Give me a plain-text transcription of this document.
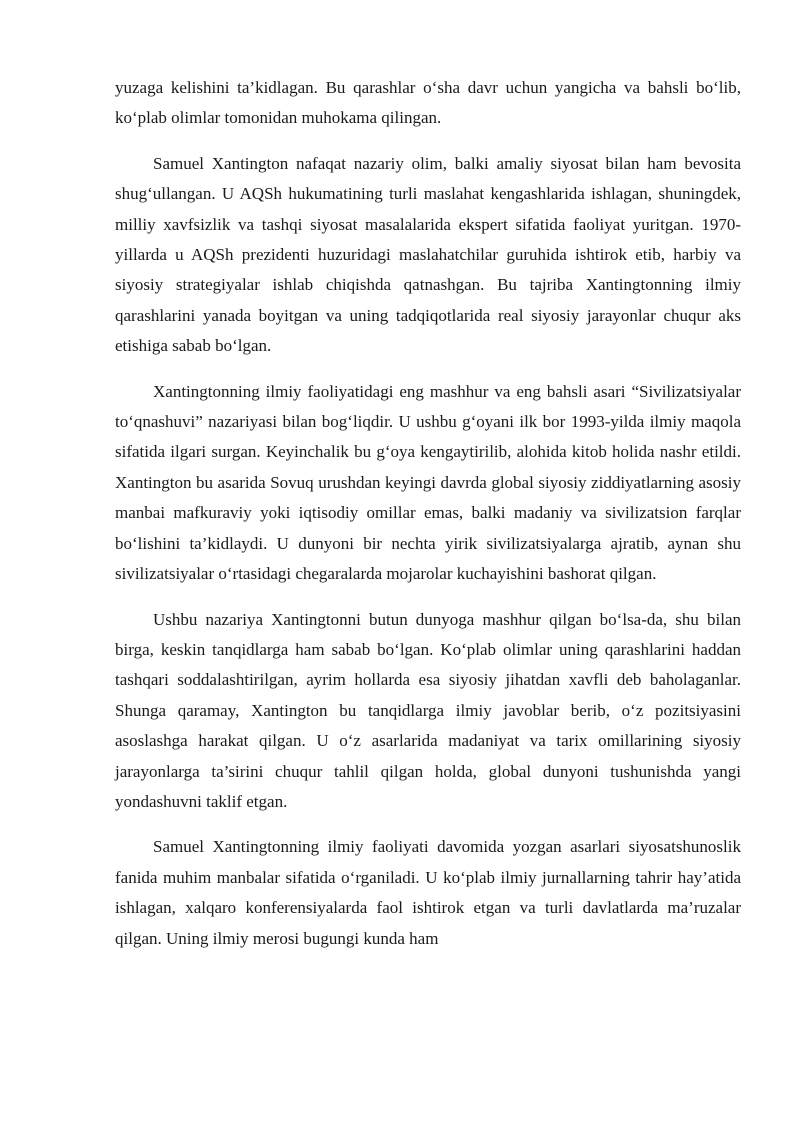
yuzaga kelishini ta’kidlagan. Bu qarashlar o‘sha davr uchun yangicha va bahsli bo‘lib, ko‘plab olimlar tomonidan muhokama qilingan.

Samuel Xantington nafaqat nazariy olim, balki amaliy siyosat bilan ham bevosita shug‘ullangan. U AQSh hukumatining turli maslahat kengashlarida ishlagan, shuningdek, milliy xavfsizlik va tashqi siyosat masalalarida ekspert sifatida faoliyat yuritgan. 1970-yillarda u AQSh prezidenti huzuridagi maslahatchilar guruhida ishtirok etib, harbiy va siyosiy strategiyalar ishlab chiqishda qatnashgan. Bu tajriba Xantingtonning ilmiy qarashlarini yanada boyitgan va uning tadqiqotlarida real siyosiy jarayonlar chuqur aks etishiga sabab bo‘lgan.

Xantingtonning ilmiy faoliyatidagi eng mashhur va eng bahsli asari “Sivilizatsiyalar to‘qnashuvi” nazariyasi bilan bog‘liqdir. U ushbu g‘oyani ilk bor 1993-yilda ilmiy maqola sifatida ilgari surgan. Keyinchalik bu g‘oya kengaytirilib, alohida kitob holida nashr etildi. Xantington bu asarida Sovuq urushdan keyingi davrda global siyosiy ziddiyatlarning asosiy manbai mafkuraviy yoki iqtisodiy omillar emas, balki madaniy va sivilizatsion farqlar bo‘lishini ta’kidlaydi. U dunyoni bir nechta yirik sivilizatsiyalarga ajratib, aynan shu sivilizatsiyalar o‘rtasidagi chegaralarda mojarolar kuchayishini bashorat qilgan.

Ushbu nazariya Xantingtonni butun dunyoga mashhur qilgan bo‘lsa-da, shu bilan birga, keskin tanqidlarga ham sabab bo‘lgan. Ko‘plab olimlar uning qarashlarini haddan tashqari soddalashtirilgan, ayrim hollarda esa siyosiy jihatdan xavfli deb baholaganlar. Shunga qaramay, Xantington bu tanqidlarga ilmiy javoblar berib, o‘z pozitsiyasini asoslashga harakat qilgan. U o‘z asarlarida madaniyat va tarix omillarining siyosiy jarayonlarga ta’sirini chuqur tahlil qilgan holda, global dunyoni tushunishda yangi yondashuvni taklif etgan.

Samuel Xantingtonning ilmiy faoliyati davomida yozgan asarlari siyosatshunoslik fanida muhim manbalar sifatida o‘rganiladi. U ko‘plab ilmiy jurnallarning tahrir hay’atida ishlagan, xalqaro konferensiyalarda faol ishtirok etgan va turli davlatlarda ma’ruzalar qilgan. Uning ilmiy merosi bugungi kunda ham
